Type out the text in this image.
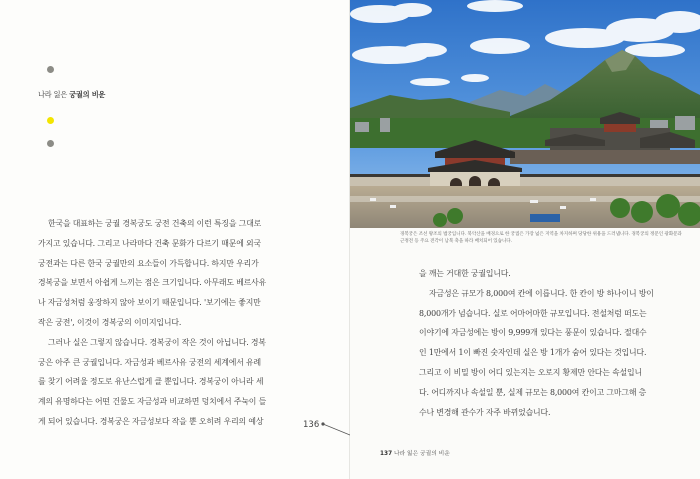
나라 잃은 궁궐의 비운
한국을 대표하는 궁궐 경복궁도 궁전 건축의 이런 특징을 그대로
가지고 있습니다. 그리고 나라마다 건축 문화가 다르기 때문에 외국
궁전과는 다른 한국 궁궐만의 요소들이 가득합니다. 하지만 우리가
경복궁을 보면서 아쉽게 느끼는 점은 크기입니다. 아무래도 베르사유
나 자금성처럼 웅장하지 않아 보이기 때문입니다. '보기에는 좋지만
작은 궁전', 이것이 경복궁의 이미지입니다.
그러나 실은 그렇지 않습니다. 경복궁이 작은 것이 아닙니다. 경복
궁은 아주 큰 궁궐입니다. 자금성과 베르사유 궁전의 세계에서 유례
를 찾기 어려울 정도로 유난스럽게 클 뿐입니다. 경복궁이 아니라 세
계의 유명하다는 어떤 건물도 자금성과 비교하면 덩치에서 주눅이 들
게 되어 있습니다. 경복궁은 자금성보다 작을 뿐 오히려 우리의 예상	136
경복궁은 조선 왕조의 법궁입니다. 북악산을 배경으로 한 궁궐은 가장 넓은 지역을 차지하며 당당한 위용을 드러냅니다. 경복궁의 정문인 광화문과
근정전 등 주요 전각이 남북 축을 따라 배치되어 있습니다.
을 깨는 거대한 궁궐입니다.
자금성은 규모가 8,000여 칸에 이릅니다. 한 칸이 방 하나이니 방이
8,000개가 넘습니다. 실로 어마어마한 규모입니다. 전설처럼 떠도는
이야기에 자금성에는 방이 9,999개 있다는 풍문이 있습니다. 절대수
인 1만에서 1이 빠진 숫자인데 실은 방 1개가 숨어 있다는 것입니다.
그리고 이 비밀 방이 어디 있는지는 오로지 황제만 안다는 속설입니
다. 어디까지나 속설일 뿐, 실제 규모는 8,000여 칸이고 그마그해 층
수나 변경해 관수가 자주 바뀌었습니다.
137 나라 잃은 궁궐의 비운
